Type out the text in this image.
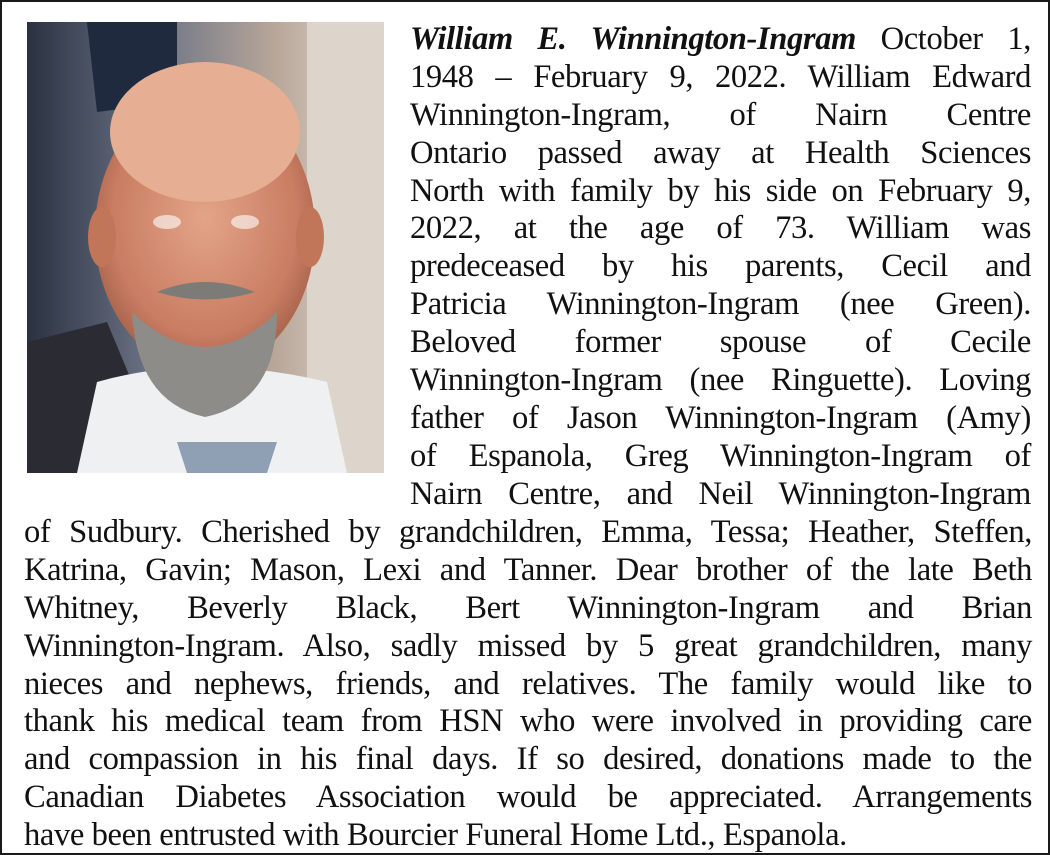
William E. Winnington-Ingram October 1,
1948 – February 9, 2022. William Edward
Winnington-Ingram, of Nairn Centre
Ontario passed away at Health Sciences
North with family by his side on February 9,
2022, at the age of 73. William was
predeceased by his parents, Cecil and
Patricia Winnington-Ingram (nee Green).
Beloved former spouse of Cecile
Winnington-Ingram (nee Ringuette). Loving
father of Jason Winnington-Ingram (Amy)
of Espanola, Greg Winnington-Ingram of
Nairn Centre, and Neil Winnington-Ingram
of Sudbury. Cherished by grandchildren, Emma, Tessa; Heather, Steffen,
Katrina, Gavin; Mason, Lexi and Tanner. Dear brother of the late Beth
Whitney, Beverly Black, Bert Winnington-Ingram and Brian
Winnington-Ingram. Also, sadly missed by 5 great grandchildren, many
nieces and nephews, friends, and relatives. The family would like to
thank his medical team from HSN who were involved in providing care
and compassion in his final days. If so desired, donations made to the
Canadian Diabetes Association would be appreciated. Arrangements
have been entrusted with Bourcier Funeral Home Ltd., Espanola.
